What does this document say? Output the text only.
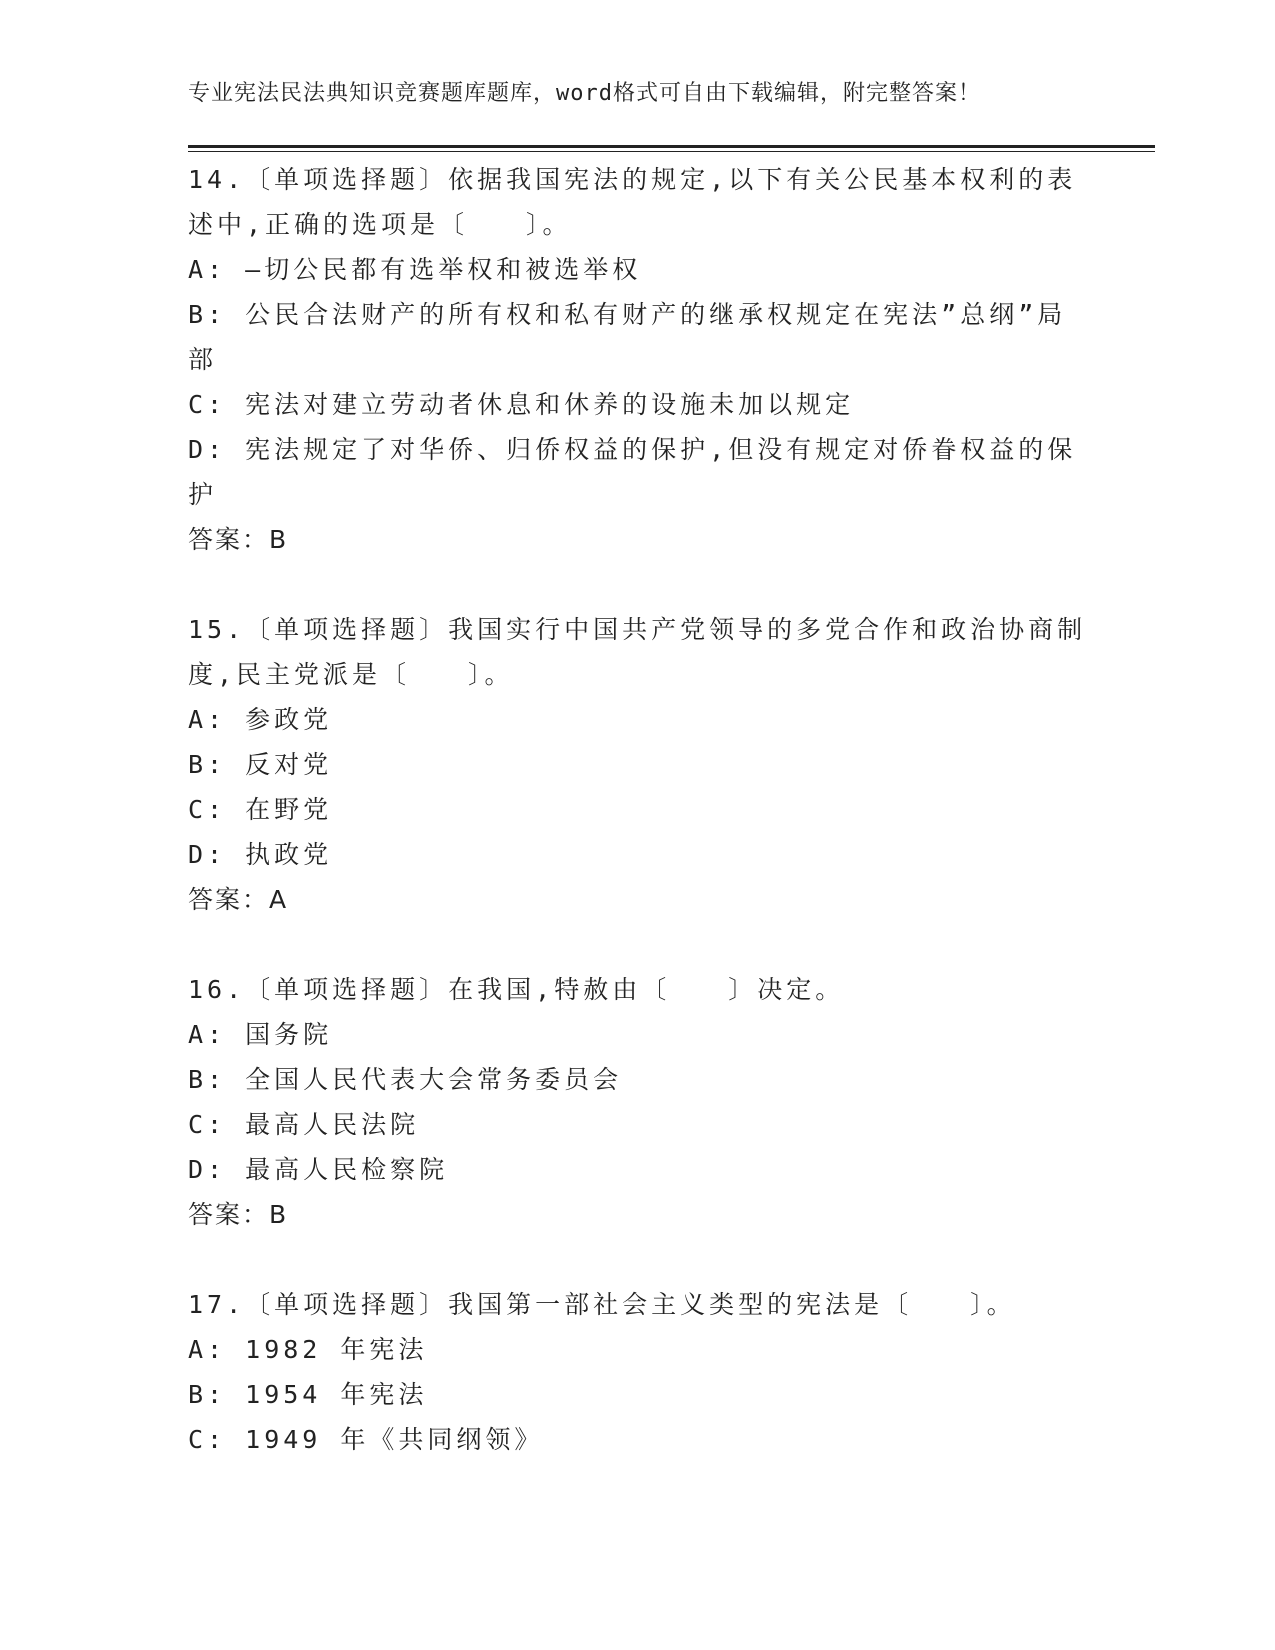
专业宪法民法典知识竞赛题库题库，word格式可自由下载编辑，附完整答案！
14.〔单项选择题〕依据我国宪法的规定,以下有关公民基本权利的表
述中,正确的选项是〔　　〕。
A: —切公民都有选举权和被选举权
B: 公民合法财产的所有权和私有财产的继承权规定在宪法”总纲”局
部
C: 宪法对建立劳动者休息和休养的设施未加以规定
D: 宪法规定了对华侨、归侨权益的保护,但没有规定对侨眷权益的保
护
答案：B
15.〔单项选择题〕我国实行中国共产党领导的多党合作和政治协商制
度,民主党派是〔　　〕。
A: 参政党
B: 反对党
C: 在野党
D: 执政党
答案：A
16.〔单项选择题〕在我国,特赦由〔　　〕决定。
A: 国务院
B: 全国人民代表大会常务委员会
C: 最高人民法院
D: 最高人民检察院
答案：B
17.〔单项选择题〕我国第一部社会主义类型的宪法是〔　　〕。
A: 1982 年宪法
B: 1954 年宪法
C: 1949 年《共同纲领》
